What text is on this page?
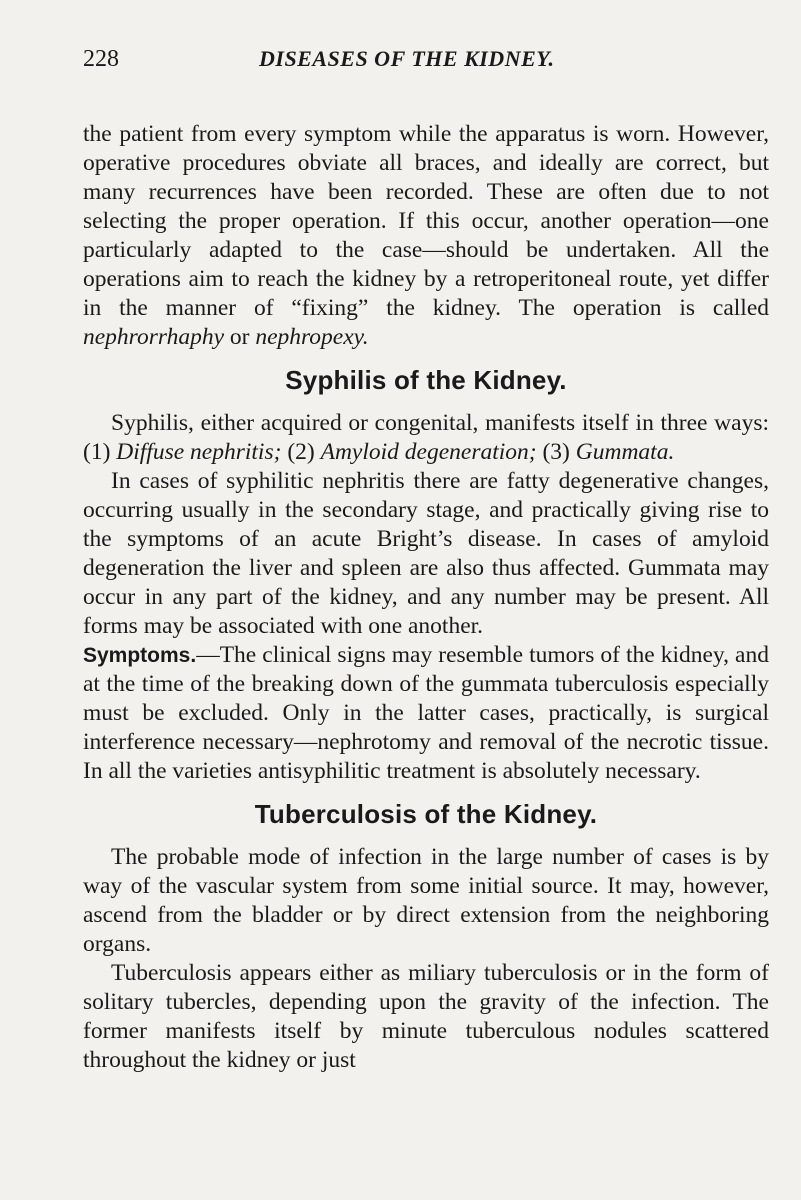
228	DISEASES OF THE KIDNEY.

the patient from every symptom while the apparatus is worn. However, operative procedures obviate all braces, and ideally are correct, but many recurrences have been recorded. These are often due to not selecting the proper operation. If this occur, another operation—one particularly adapted to the case—should be undertaken. All the operations aim to reach the kidney by a retroperitoneal route, yet differ in the manner of “fixing” the kidney. The operation is called nephrorrhaphy or nephropexy.

Syphilis of the Kidney.

Syphilis, either acquired or congenital, manifests itself in three ways: (1) Diffuse nephritis; (2) Amyloid degeneration; (3) Gummata.

In cases of syphilitic nephritis there are fatty degenerative changes, occurring usually in the secondary stage, and practically giving rise to the symptoms of an acute Bright’s disease. In cases of amyloid degeneration the liver and spleen are also thus affected. Gummata may occur in any part of the kidney, and any number may be present. All forms may be associated with one another.

Symptoms.—The clinical signs may resemble tumors of the kidney, and at the time of the breaking down of the gummata tuberculosis especially must be excluded. Only in the latter cases, practically, is surgical interference necessary—nephrotomy and removal of the necrotic tissue. In all the varieties antisyphilitic treatment is absolutely necessary.

Tuberculosis of the Kidney.

The probable mode of infection in the large number of cases is by way of the vascular system from some initial source. It may, however, ascend from the bladder or by direct extension from the neighboring organs.

Tuberculosis appears either as miliary tuberculosis or in the form of solitary tubercles, depending upon the gravity of the infection. The former manifests itself by minute tuberculous nodules scattered throughout the kidney or just
